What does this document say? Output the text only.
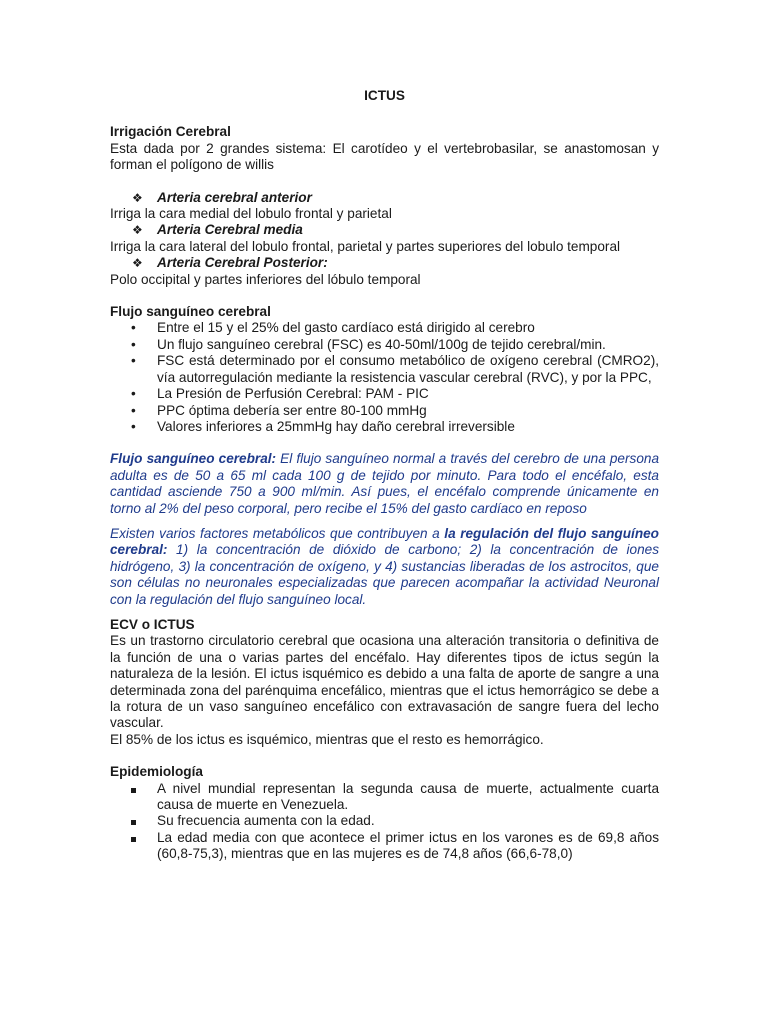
ICTUS

Irrigación Cerebral

Esta dada por 2 grandes sistema: El carotídeo y el vertebrobasilar, se anastomosan y forman el polígono de willis

❖	Arteria cerebral anterior

Irriga la cara medial del lobulo frontal y parietal

❖	Arteria Cerebral media

Irriga la cara lateral del lobulo frontal, parietal y partes superiores del lobulo temporal

❖	Arteria Cerebral Posterior:

Polo occipital y partes inferiores del lóbulo temporal

Flujo sanguíneo cerebral
•	Entre el 15 y el 25% del gasto cardíaco está dirigido al cerebro
•	Un flujo sanguíneo cerebral (FSC) es 40-50ml/100g de tejido cerebral/min.
•	FSC está determinado por el consumo metabólico de oxígeno cerebral (CMRO2), vía autorregulación mediante la resistencia vascular cerebral (RVC), y por la PPC,
•	La Presión de Perfusión Cerebral: PAM - PIC
•	PPC óptima debería ser entre 80-100 mmHg
•	Valores inferiores a 25mmHg hay daño cerebral irreversible

Flujo sanguíneo cerebral: El flujo sanguíneo normal a través del cerebro de una persona adulta es de 50 a 65 ml cada 100 g de tejido por minuto. Para todo el encéfalo, esta cantidad asciende 750 a 900 ml/min. Así pues, el encéfalo comprende únicamente en torno al 2% del peso corporal, pero recibe el 15% del gasto cardíaco en reposo

Existen varios factores metabólicos que contribuyen a la regulación del flujo sanguíneo cerebral: 1) la concentración de dióxido de carbono; 2) la concentración de iones hidrógeno, 3) la concentración de oxígeno, y 4) sustancias liberadas de los astrocitos, que son células no neuronales especializadas que parecen acompañar la actividad Neuronal con la regulación del flujo sanguíneo local.

ECV o ICTUS

Es un trastorno circulatorio cerebral que ocasiona una alteración transitoria o definitiva de la función de una o varias partes del encéfalo. Hay diferentes tipos de ictus según la naturaleza de la lesión. El ictus isquémico es debido a una falta de aporte de sangre a una determinada zona del parénquima encefálico, mientras que el ictus hemorrágico se debe a la rotura de un vaso sanguíneo encefálico con extravasación de sangre fuera del lecho vascular.

El 85% de los ictus es isquémico, mientras que el resto es hemorrágico.

Epidemiología
A nivel mundial representan la segunda causa de muerte, actualmente cuarta causa de muerte en Venezuela.
Su frecuencia aumenta con la edad.
La edad media con que acontece el primer ictus en los varones es de 69,8 años (60,8-75,3), mientras que en las mujeres es de 74,8 años (66,6-78,0)
